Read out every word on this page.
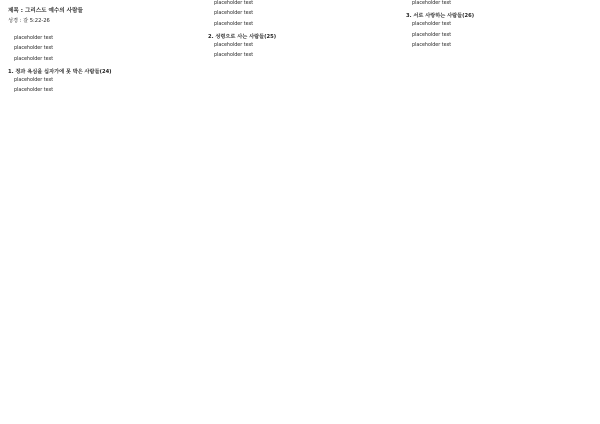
제목 : 그리스도 예수의 사람들
성경 : 갈 5:22-26

placeholder text

placeholder text

placeholder text

1. 정과 욕심을 십자가에 못 박은 사람들(24)

placeholder text

placeholder text

placeholder text

placeholder text

placeholder text

2. 성령으로 사는 사람들(25)

placeholder text

placeholder text

placeholder text

3. 서로 사랑하는 사람들(26)

placeholder text

placeholder text

placeholder text
